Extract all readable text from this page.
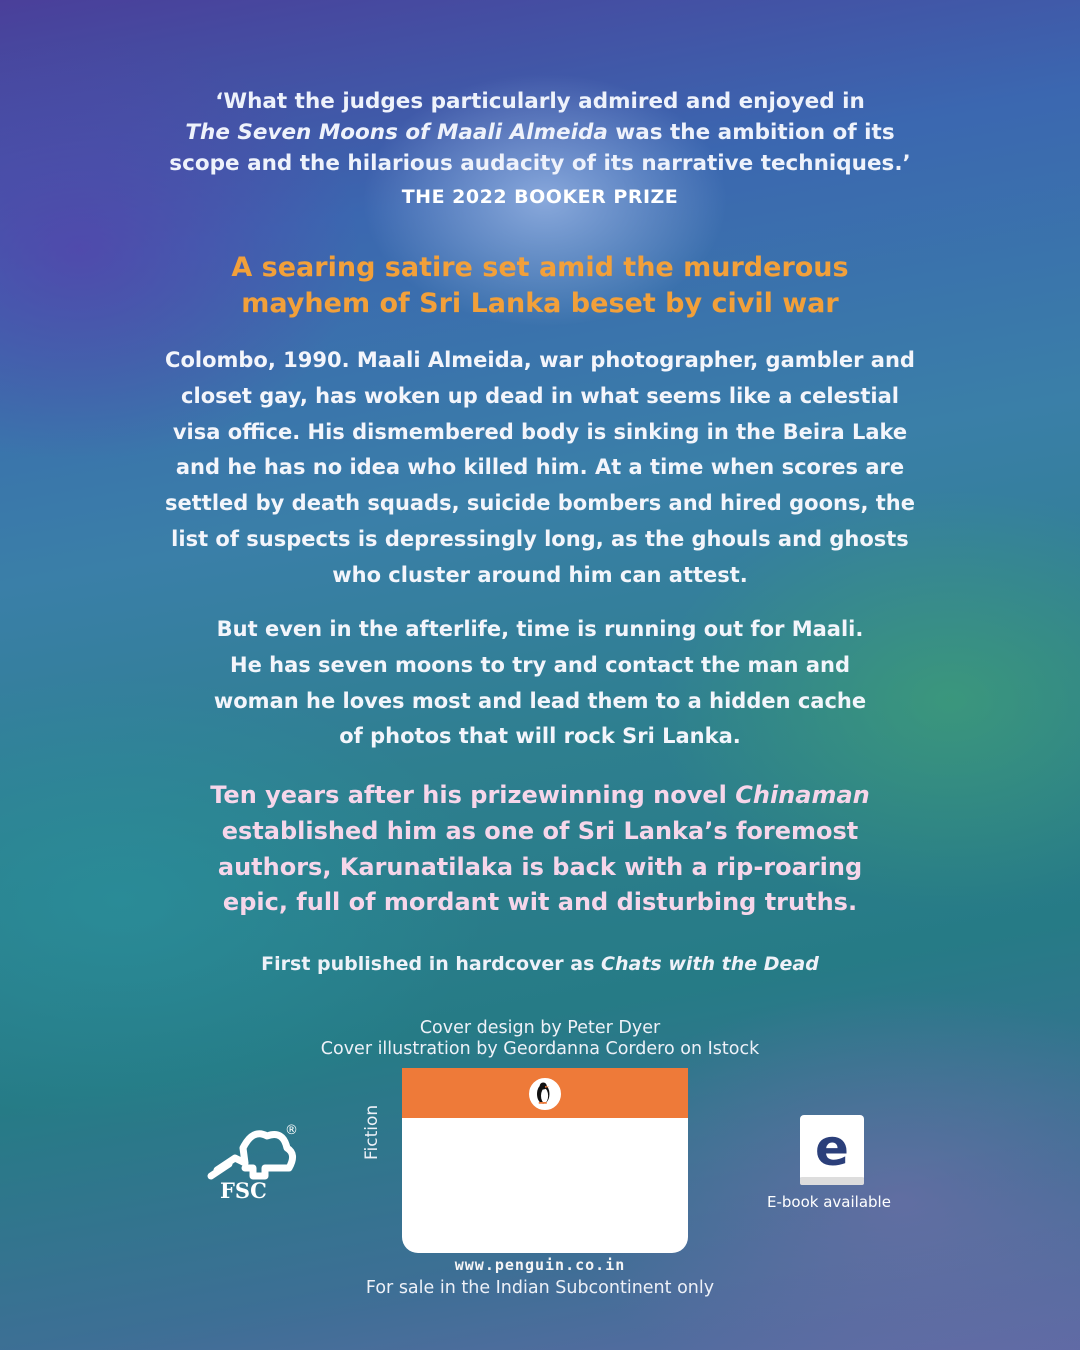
‘What the judges particularly admired and enjoyed in
The Seven Moons of Maali Almeida was the ambition of its
scope and the hilarious audacity of its narrative techniques.’
THE 2022 BOOKER PRIZE
A searing satire set amid the murderous
mayhem of Sri Lanka beset by civil war
Colombo, 1990. Maali Almeida, war photographer, gambler and
closet gay, has woken up dead in what seems like a celestial
visa office. His dismembered body is sinking in the Beira Lake
and he has no idea who killed him. At a time when scores are
settled by death squads, suicide bombers and hired goons, the
list of suspects is depressingly long, as the ghouls and ghosts
who cluster around him can attest.
But even in the afterlife, time is running out for Maali.
He has seven moons to try and contact the man and
woman he loves most and lead them to a hidden cache
of photos that will rock Sri Lanka.
Ten years after his prizewinning novel Chinaman
established him as one of Sri Lanka’s foremost
authors, Karunatilaka is back with a rip-roaring
epic, full of mordant wit and disturbing truths.
First published in hardcover as Chats with the Dead
Cover design by Peter Dyer
Cover illustration by Geordanna Cordero on Istock
®
FSC
Fiction
www.penguin.co.in
For sale in the Indian Subcontinent only
e
E-book available
